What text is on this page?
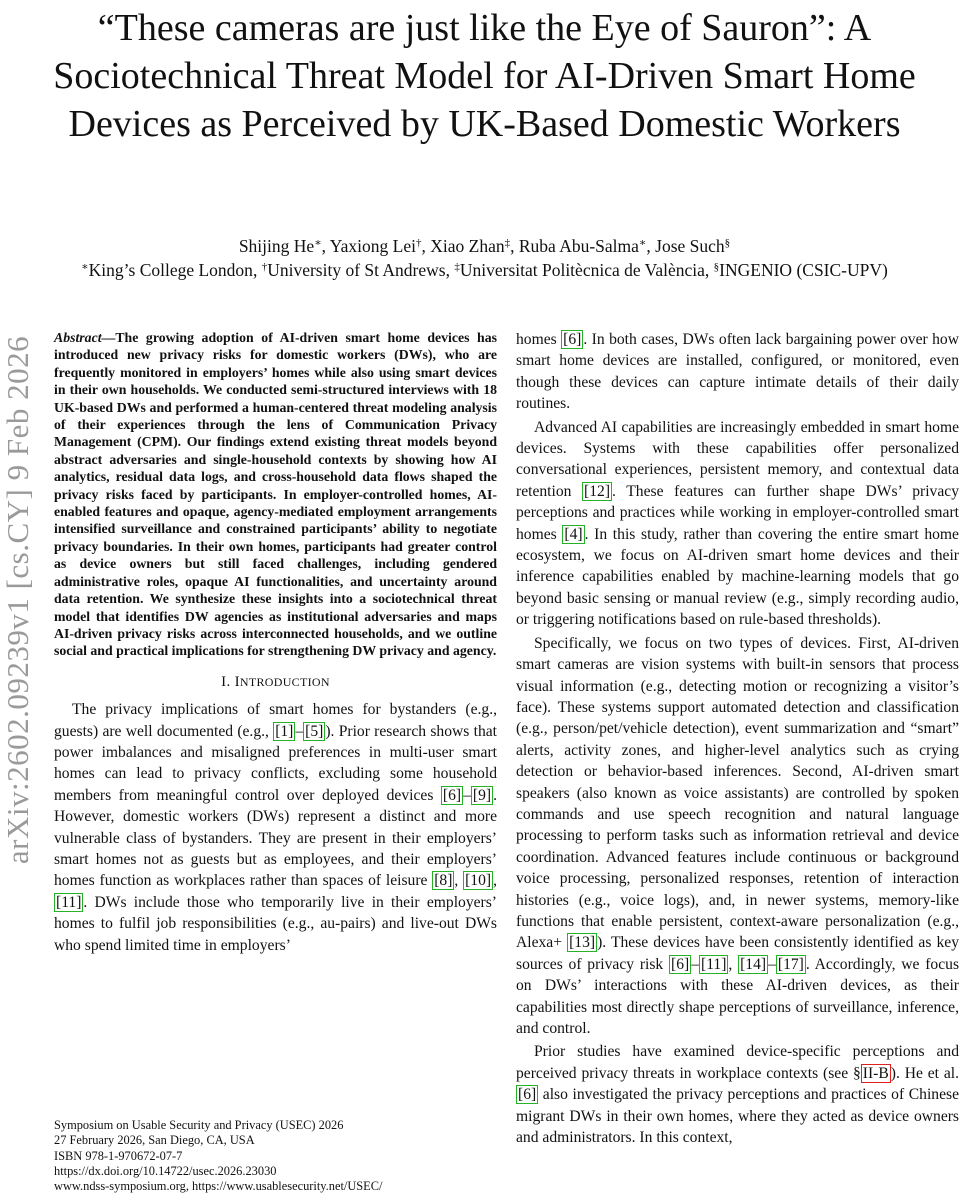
“These cameras are just like the Eye of Sauron”: A Sociotechnical Threat Model for AI-Driven Smart Home Devices as Perceived by UK-Based Domestic Workers
Shijing He∗, Yaxiong Lei†, Xiao Zhan‡, Ruba Abu-Salma∗, Jose Such§
∗King’s College London, †University of St Andrews, ‡Universitat Politècnica de València, §INGENIO (CSIC-UPV)
arXiv:2602.09239v1 [cs.CY] 9 Feb 2026 Abstract—The growing adoption of AI-driven smart home devices has introduced new privacy risks for domestic workers (DWs), who are frequently monitored in employers’ homes while also using smart devices in their own households. We conducted semi-structured interviews with 18 UK-based DWs and performed a human-centered threat modeling analysis of their experiences through the lens of Communication Privacy Management (CPM). Our findings extend existing threat models beyond abstract adversaries and single-household contexts by showing how AI analytics, residual data logs, and cross-household data flows shaped the privacy risks faced by participants. In employer-controlled homes, AI-enabled features and opaque, agency-mediated employment arrangements intensified surveillance and constrained participants’ ability to negotiate privacy boundaries. In their own homes, participants had greater control as device owners but still faced challenges, including gendered administrative roles, opaque AI functionalities, and uncertainty around data retention. We synthesize these insights into a sociotechnical threat model that identifies DW agencies as institutional adversaries and maps AI-driven privacy risks across interconnected households, and we outline social and practical implications for strengthening DW privacy and agency.

I. INTRODUCTION

The privacy implications of smart homes for bystanders (e.g., guests) are well documented (e.g., [1] – [5] ). Prior research shows that power imbalances and misaligned preferences in multi-user smart homes can lead to privacy conflicts, excluding some household members from meaningful control over deployed devices [6] – [9] . However, domestic workers (DWs) represent a distinct and more vulnerable class of bystanders. They are present in their employers’ smart homes not as guests but as employees, and their employers’ homes function as workplaces rather than spaces of leisure [8] , [10] , [11] . DWs include those who temporarily live in their employers’ homes to fulfil job responsibilities (e.g., au-pairs) and live-out DWs who spend limited time in employers’

Symposium on Usable Security and Privacy (USEC) 2026
27 February 2026, San Diego, CA, USA
ISBN 978-1-970672-07-7
https://dx.doi.org/10.14722/usec.2026.23030
www.ndss-symposium.org, https://www.usablesecurity.net/USEC/

homes [6] . In both cases, DWs often lack bargaining power over how smart home devices are installed, configured, or monitored, even though these devices can capture intimate details of their daily routines.

Advanced AI capabilities are increasingly embedded in smart home devices. Systems with these capabilities offer personalized conversational experiences, persistent memory, and contextual data retention [12] . These features can further shape DWs’ privacy perceptions and practices while working in employer-controlled smart homes [4] . In this study, rather than covering the entire smart home ecosystem, we focus on AI-driven smart home devices and their inference capabilities enabled by machine-learning models that go beyond basic sensing or manual review (e.g., simply recording audio, or triggering notifications based on rule-based thresholds).

Specifically, we focus on two types of devices. First, AI-driven smart cameras are vision systems with built-in sensors that process visual information (e.g., detecting motion or recognizing a visitor’s face). These systems support automated detection and classification (e.g., person/pet/vehicle detection), event summarization and “smart” alerts, activity zones, and higher-level analytics such as crying detection or behavior-based inferences. Second, AI-driven smart speakers (also known as voice assistants) are controlled by spoken commands and use speech recognition and natural language processing to perform tasks such as information retrieval and device coordination. Advanced features include continuous or background voice processing, personalized responses, retention of interaction histories (e.g., voice logs), and, in newer systems, memory-like functions that enable persistent, context-aware personalization (e.g., Alexa+ [13] ). These devices have been consistently identified as key sources of privacy risk [6] – [11] , [14] – [17] . Accordingly, we focus on DWs’ interactions with these AI-driven devices, as their capabilities most directly shape perceptions of surveillance, inference, and control.

Prior studies have examined device-specific perceptions and perceived privacy threats in workplace contexts (see § II-B ). He et al. [6] also investigated the privacy perceptions and practices of Chinese migrant DWs in their own homes, where they acted as device owners and administrators. In this context,
